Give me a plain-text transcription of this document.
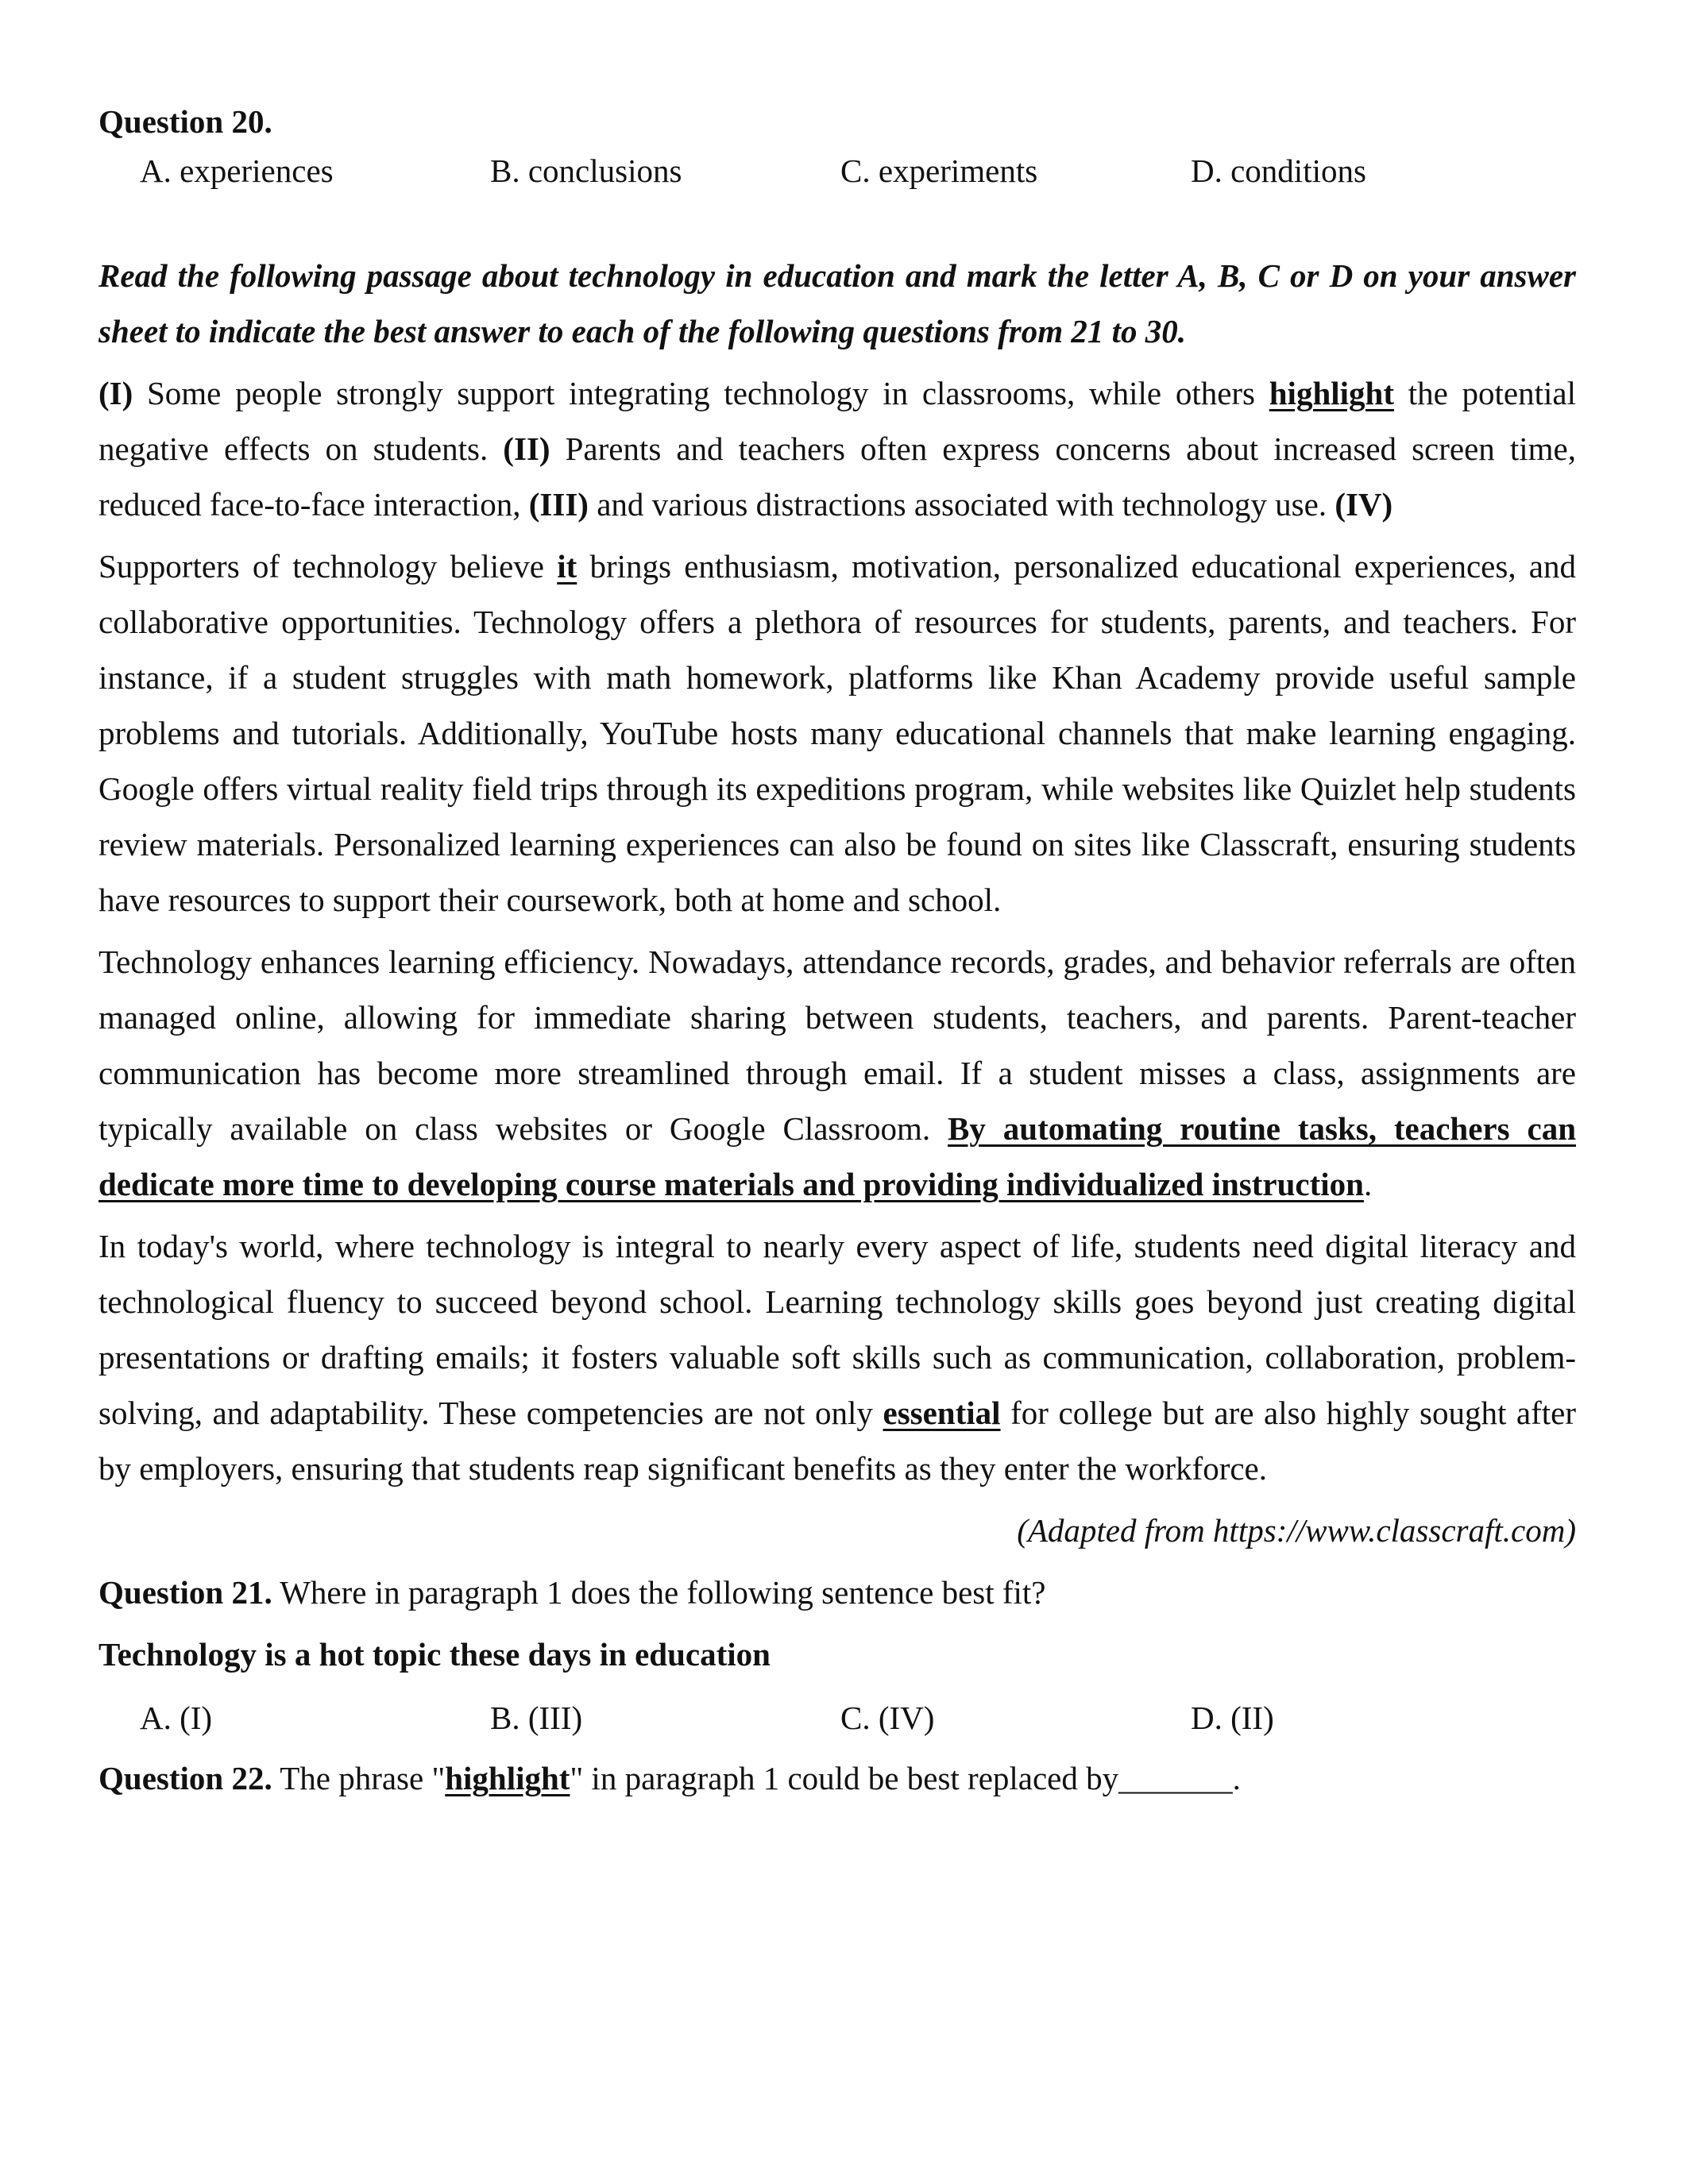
Question 20.
A. experiences	B. conclusions	C. experiments	D. conditions

Read the following passage about technology in education and mark the letter A, B, C or D on your answer sheet to indicate the best answer to each of the following questions from 21 to 30.

(I) Some people strongly support integrating technology in classrooms, while others highlight the potential negative effects on students. (II) Parents and teachers often express concerns about increased screen time, reduced face-to-face interaction, (III) and various distractions associated with technology use. (IV)

Supporters of technology believe it brings enthusiasm, motivation, personalized educational experiences, and collaborative opportunities. Technology offers a plethora of resources for students, parents, and teachers. For instance, if a student struggles with math homework, platforms like Khan Academy provide useful sample problems and tutorials. Additionally, YouTube hosts many educational channels that make learning engaging. Google offers virtual reality field trips through its expeditions program, while websites like Quizlet help students review materials. Personalized learning experiences can also be found on sites like Classcraft, ensuring students have resources to support their coursework, both at home and school.

Technology enhances learning efficiency. Nowadays, attendance records, grades, and behavior referrals are often managed online, allowing for immediate sharing between students, teachers, and parents. Parent-teacher communication has become more streamlined through email. If a student misses a class, assignments are typically available on class websites or Google Classroom. By automating routine tasks, teachers can dedicate more time to developing course materials and providing individualized instruction.

In today's world, where technology is integral to nearly every aspect of life, students need digital literacy and technological fluency to succeed beyond school. Learning technology skills goes beyond just creating digital presentations or drafting emails; it fosters valuable soft skills such as communication, collaboration, problem-solving, and adaptability. These competencies are not only essential for college but are also highly sought after by employers, ensuring that students reap significant benefits as they enter the workforce.

(Adapted from https://www.classcraft.com)

Question 21. Where in paragraph 1 does the following sentence best fit?

Technology is a hot topic these days in education

A. (I)	B. (III)	C. (IV)	D. (II)

Question 22. The phrase "highlight" in paragraph 1 could be best replaced by_______.
